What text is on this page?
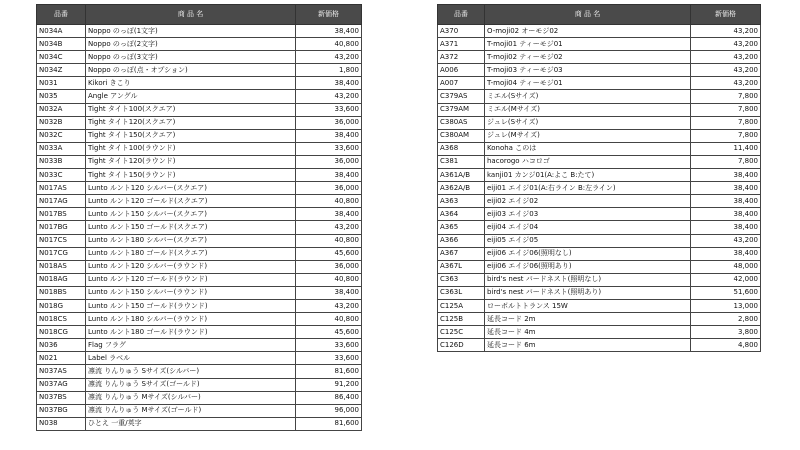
品番	商 品 名	新価格
N034A	Noppo のっぽ(1文字)	38,400
N034B	Noppo のっぽ(2文字)	40,800
N034C	Noppo のっぽ(3文字)	43,200
N034Z	Noppo のっぽ(点・オプション)	1,800
N031	Kikori きこり	38,400
N035	Angle アングル	43,200
N032A	Tight タイト100(スクエア)	33,600
N032B	Tight タイト120(スクエア)	36,000
N032C	Tight タイト150(スクエア)	38,400
N033A	Tight タイト100(ラウンド)	33,600
N033B	Tight タイト120(ラウンド)	36,000
N033C	Tight タイト150(ラウンド)	38,400
N017AS	Lunto ルント120 シルバー(スクエア)	36,000
N017AG	Lunto ルント120 ゴールド(スクエア)	40,800
N017BS	Lunto ルント150 シルバー(スクエア)	38,400
N017BG	Lunto ルント150 ゴールド(スクエア)	43,200
N017CS	Lunto ルント180 シルバー(スクエア)	40,800
N017CG	Lunto ルント180 ゴールド(スクエア)	45,600
N018AS	Lunto ルント120 シルバー(ラウンド)	36,000
N018AG	Lunto ルント120 ゴールド(ラウンド)	40,800
N018BS	Lunto ルント150 シルバー(ラウンド)	38,400
N018G	Lunto ルント150 ゴールド(ラウンド)	43,200
N018CS	Lunto ルント180 シルバー(ラウンド)	40,800
N018CG	Lunto ルント180 ゴールド(ラウンド)	45,600
N036	Flag フラグ	33,600
N021	Label ラベル	33,600
N037AS	凛流 りんりゅう Sサイズ(シルバー)	81,600
N037AG	凛流 りんりゅう Sサイズ(ゴールド)	91,200
N037BS	凛流 りんりゅう Mサイズ(シルバー)	86,400
N037BG	凛流 りんりゅう Mサイズ(ゴールド)	96,000
N038	ひとえ 一重/英字	81,600
品番	商 品 名	新価格
A370	O-moji02 オーモジ02	43,200
A371	T-moji01 ティーモジ01	43,200
A372	T-moji02 ティーモジ02	43,200
A006	T-moji03 ティーモジ03	43,200
A007	T-moji04 ティーモジ01	43,200
C379AS	ミエル(Sサイズ)	7,800
C379AM	ミエル(Mサイズ)	7,800
C380AS	ジュレ(Sサイズ)	7,800
C380AM	ジュレ(Mサイズ)	7,800
A368	Konoha このは	11,400
C381	hacorogo ハコロゴ	7,800
A361A/B	kanji01 カンジ01(A:よこ B:たて)	38,400
A362A/B	eiji01 エイジ01(A:右ライン B:左ライン)	38,400
A363	eiji02 エイジ02	38,400
A364	eiji03 エイジ03	38,400
A365	eiji04 エイジ04	38,400
A366	eiji05 エイジ05	43,200
A367	eiji06 エイジ06(照明なし)	38,400
A367L	eiji06 エイジ06(照明あり)	48,000
C363	bird's nest バードネスト(照明なし)	42,000
C363L	bird's nest バードネスト(照明あり)	51,600
C125A	ローボルトトランス 15W	13,000
C125B	延長コード 2m	2,800
C125C	延長コード 4m	3,800
C126D	延長コード 6m	4,800
